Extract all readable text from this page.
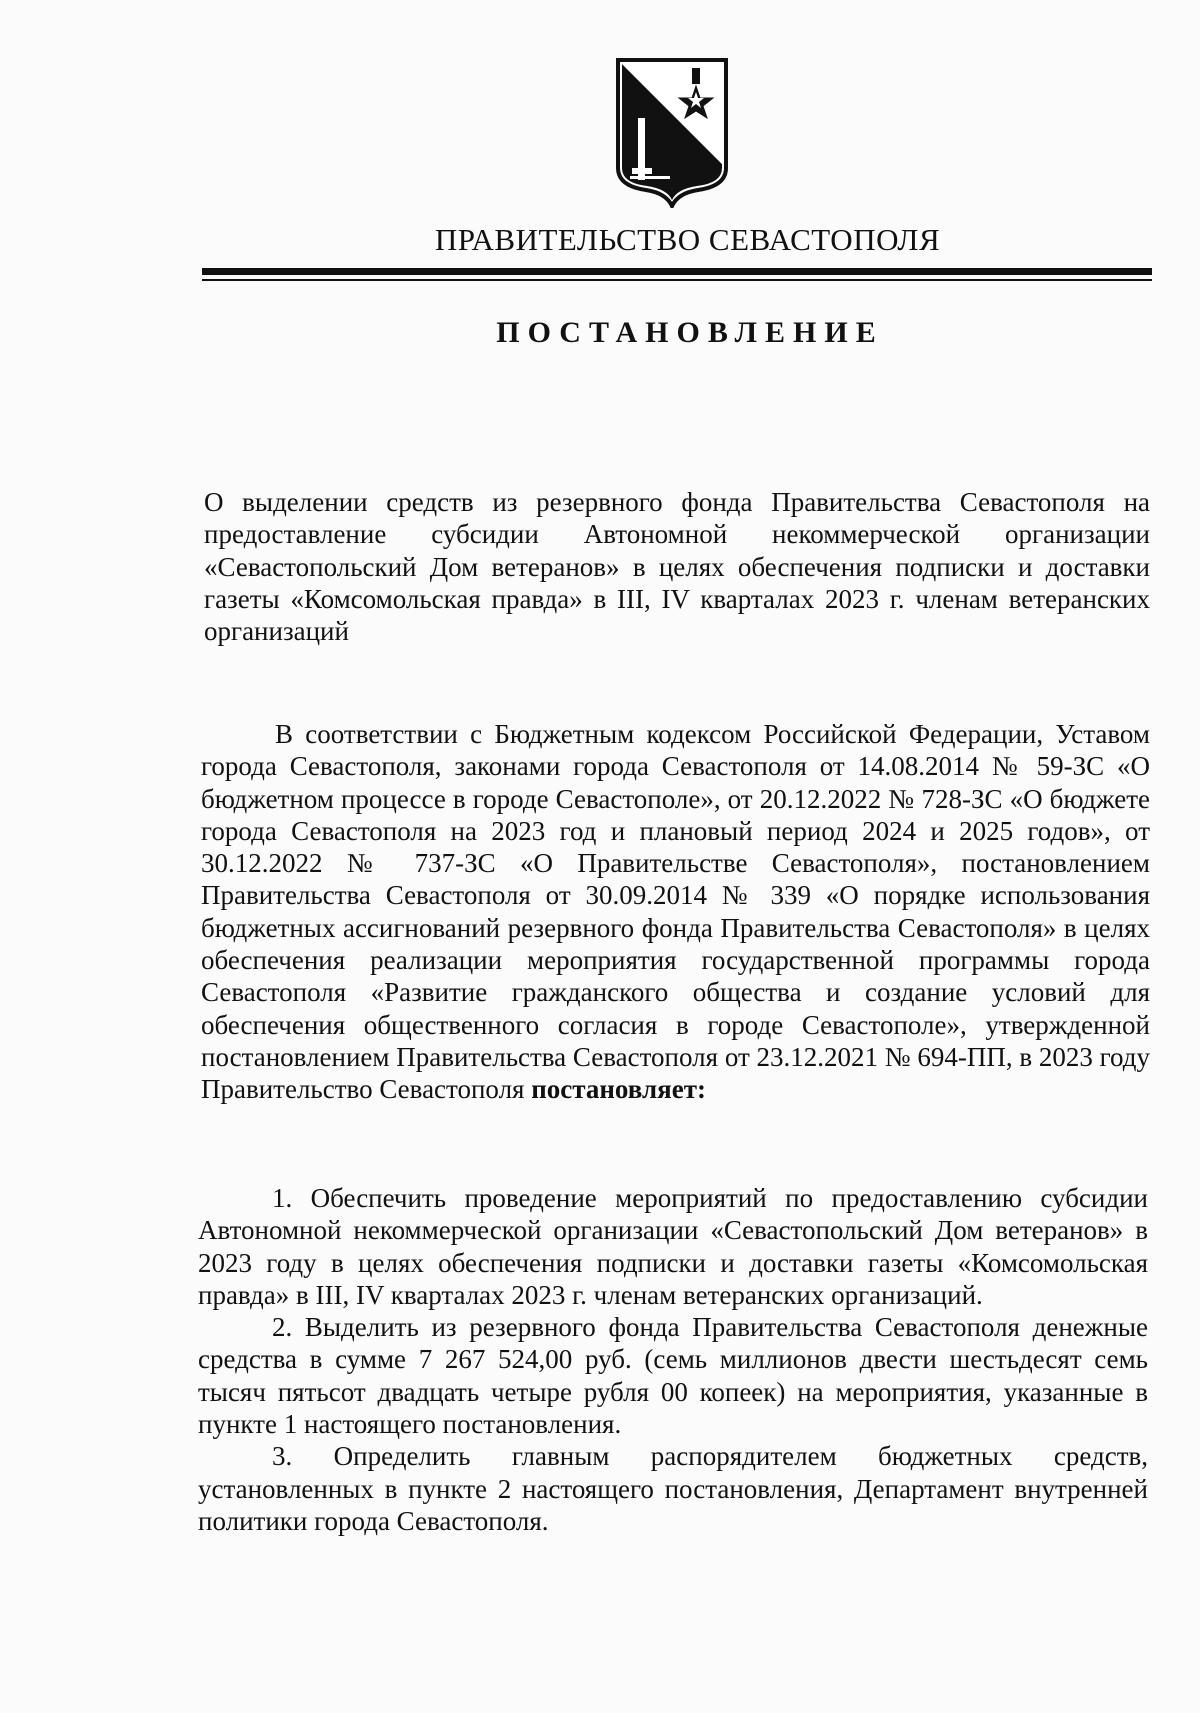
ПРАВИТЕЛЬСТВО СЕВАСТОПОЛЯ
ПОСТАНОВЛЕНИЕ
О выделении средств из резервного фонда Правительства Севастополя на предоставление субсидии Автономной некоммерческой организации «Севастопольский Дом ветеранов» в целях обеспечения подписки и доставки газеты «Комсомольская правда» в III, IV кварталах 2023 г. членам ветеранских организаций

В соответствии с Бюджетным кодексом Российской Федерации, Уставом города Севастополя, законами города Севастополя от 14.08.2014 № 59-ЗС «О бюджетном процессе в городе Севастополе», от 20.12.2022 № 728-ЗС «О бюджете города Севастополя на 2023 год и плановый период 2024 и 2025 годов», от 30.12.2022 № 737-ЗС «О Правительстве Севастополя», постановлением Правительства Севастополя от 30.09.2014 № 339 «О порядке использования бюджетных ассигнований резервного фонда Правительства Севастополя» в целях обеспечения реализации мероприятия государственной программы города Севастополя «Развитие гражданского общества и создание условий для обеспечения общественного согласия в городе Севастополе», утвержденной постановлением Правительства Севастополя от 23.12.2021 № 694-ПП, в 2023 году Правительство Севастополя постановляет:

1. Обеспечить проведение мероприятий по предоставлению субсидии Автономной некоммерческой организации «Севастопольский Дом ветеранов» в 2023 году в целях обеспечения подписки и доставки газеты «Комсомольская правда» в III, IV кварталах 2023 г. членам ветеранских организаций.

2. Выделить из резервного фонда Правительства Севастополя денежные средства в сумме 7 267 524,00 руб. (семь миллионов двести шестьдесят семь тысяч пятьсот двадцать четыре рубля 00 копеек) на мероприятия, указанные в пункте 1 настоящего постановления.

3. Определить главным распорядителем бюджетных средств, установленных в пункте 2 настоящего постановления, Департамент внутренней политики города Севастополя.
